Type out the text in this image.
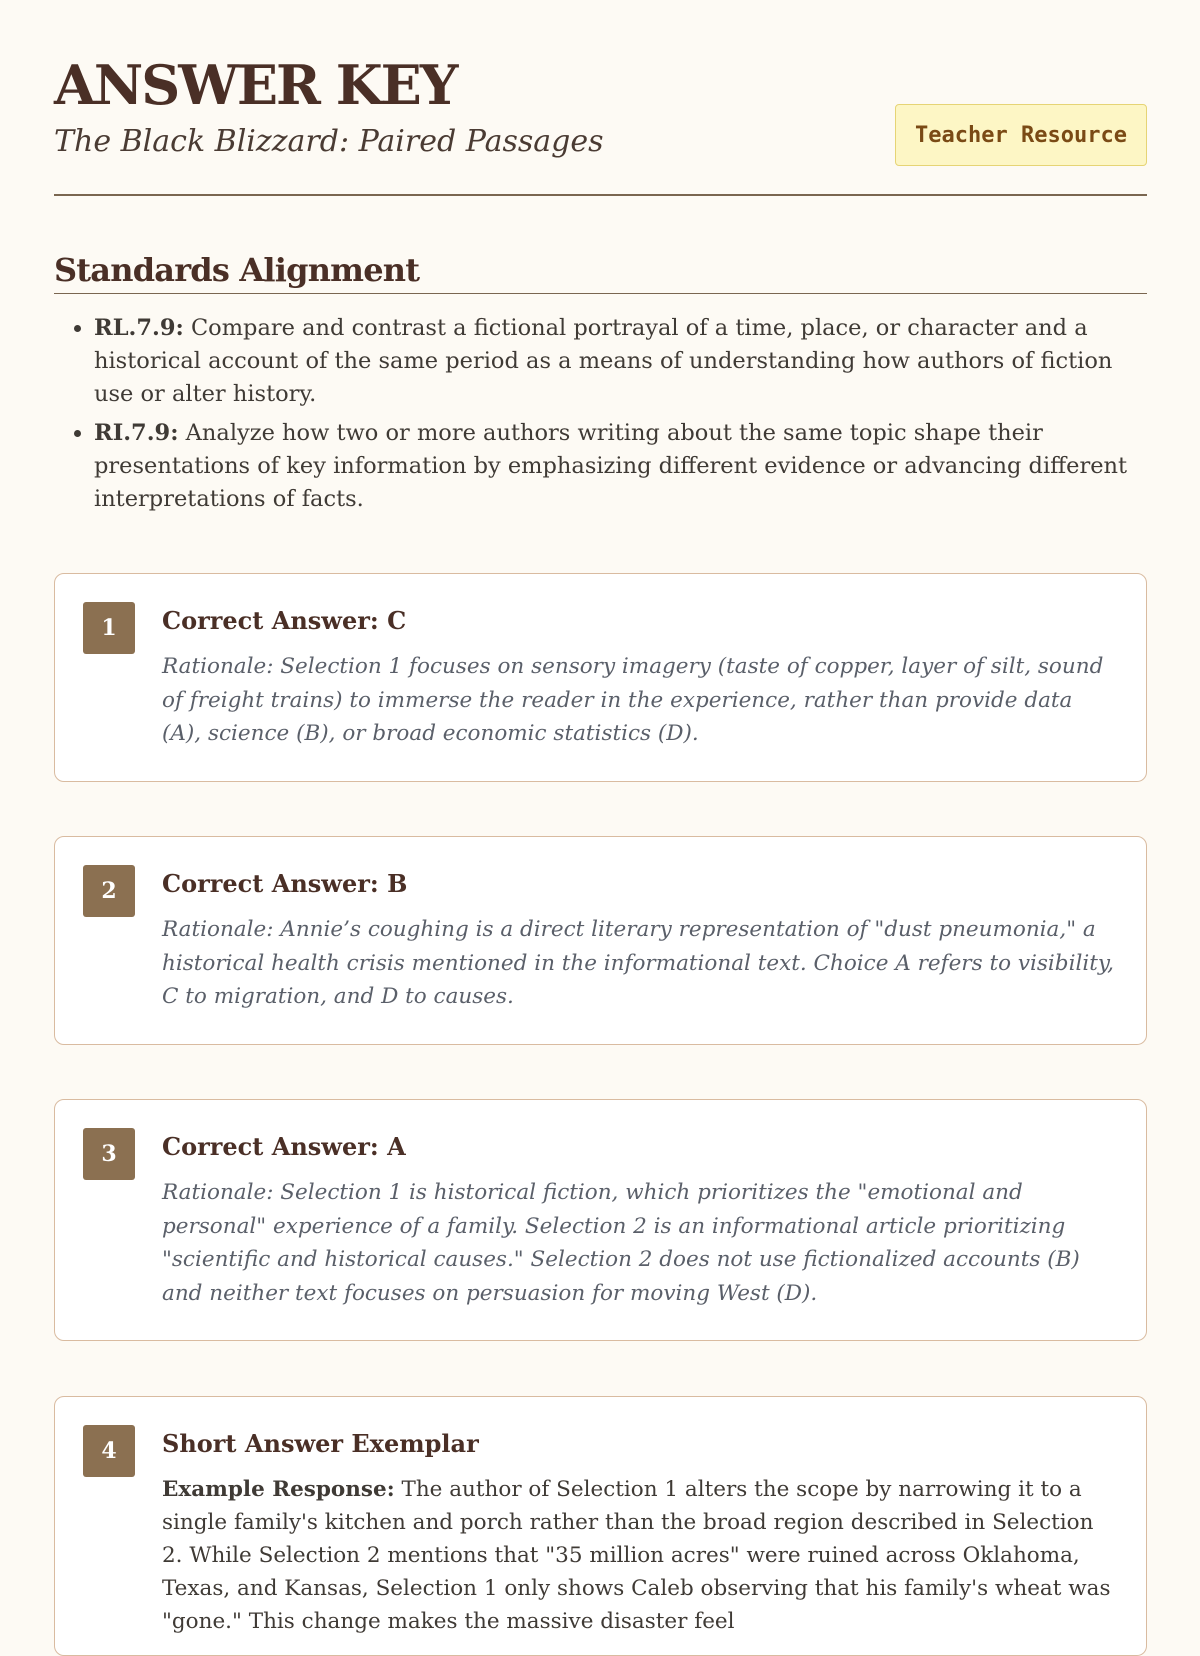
ANSWER KEY

The Black Blizzard: Paired Passages	Teacher Resource
Standards Alignment
• RL.7.9: Compare and contrast a fictional portrayal of a time, place, or character and a historical account of the same period as a means of understanding how authors of fiction use or alter history.
• RI.7.9: Analyze how two or more authors writing about the same topic shape their presentations of key information by emphasizing different evidence or advancing different interpretations of facts.
1	Correct Answer: C

Rationale: Selection 1 focuses on sensory imagery (taste of copper, layer of silt, sound of freight trains) to immerse the reader in the experience, rather than provide data (A), science (B), or broad economic statistics (D).

2	Correct Answer: B

Rationale: Annie’s coughing is a direct literary representation of "dust pneumonia," a historical health crisis mentioned in the informational text. Choice A refers to visibility, C to migration, and D to causes.

3	Correct Answer: A

Rationale: Selection 1 is historical fiction, which prioritizes the "emotional and personal" experience of a family. Selection 2 is an informational article prioritizing "scientific and historical causes." Selection 2 does not use fictionalized accounts (B) and neither text focuses on persuasion for moving West (D).

4	Short Answer Exemplar

Example Response: The author of Selection 1 alters the scope by narrowing it to a single family's kitchen and porch rather than the broad region described in Selection 2. While Selection 2 mentions that "35 million acres" were ruined across Oklahoma, Texas, and Kansas, Selection 1 only shows Caleb observing that his family's wheat was "gone." This change makes the massive disaster feel
